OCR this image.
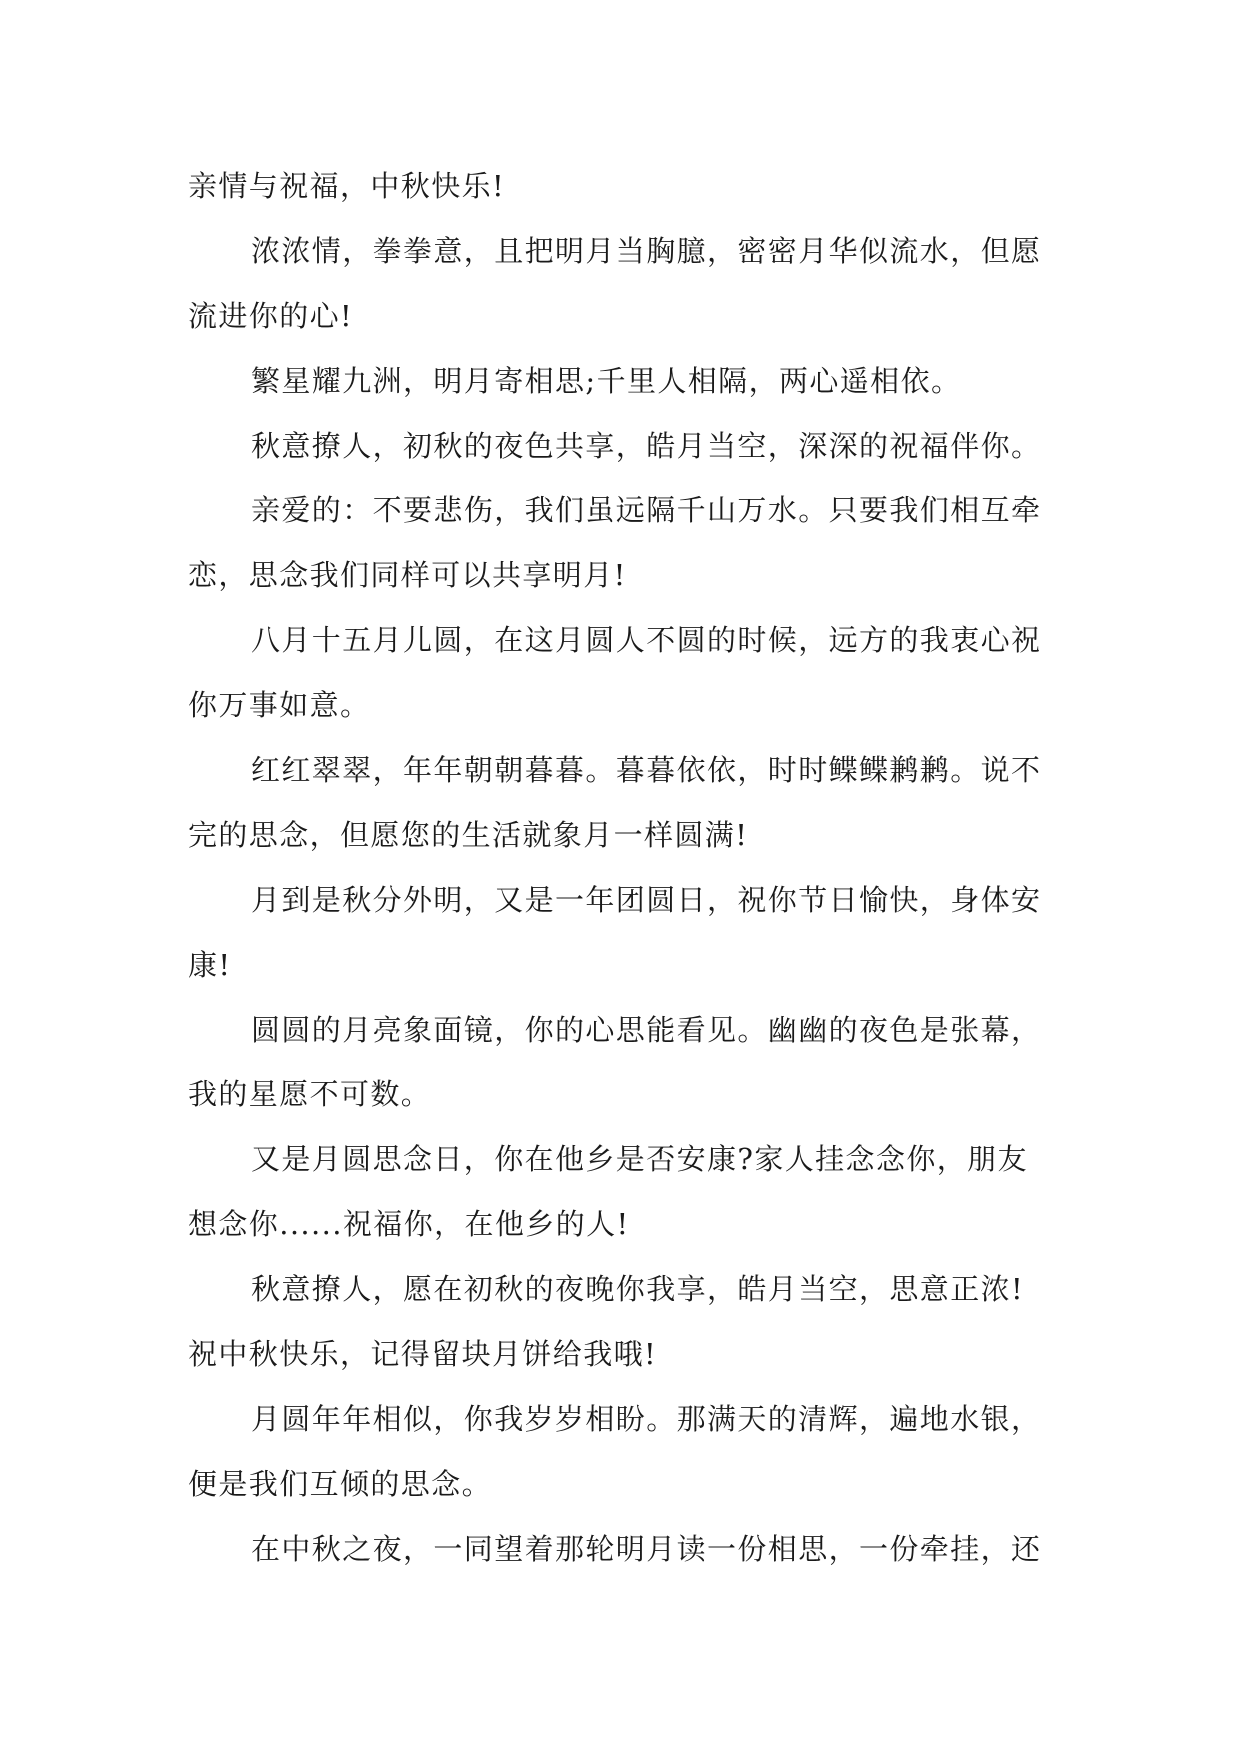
亲情与祝福，中秋快乐!
浓浓情，拳拳意，且把明月当胸臆，密密月华似流水，但愿
流进你的心!
繁星耀九洲，明月寄相思;千里人相隔，两心遥相依。
秋意撩人，初秋的夜色共享，皓月当空，深深的祝福伴你。
亲爱的：不要悲伤，我们虽远隔千山万水。只要我们相互牵
恋，思念我们同样可以共享明月!
八月十五月儿圆，在这月圆人不圆的时候，远方的我衷心祝
你万事如意。
红红翠翠，年年朝朝暮暮。暮暮依依，时时鲽鲽鹣鹣。说不
完的思念，但愿您的生活就象月一样圆满!
月到是秋分外明，又是一年团圆日，祝你节日愉快，身体安
康!
圆圆的月亮象面镜，你的心思能看见。幽幽的夜色是张幕，
我的星愿不可数。
又是月圆思念日，你在他乡是否安康?家人挂念念你，朋友
想念你......祝福你，在他乡的人!
秋意撩人，愿在初秋的夜晚你我享，皓月当空，思意正浓!
祝中秋快乐，记得留块月饼给我哦!
月圆年年相似，你我岁岁相盼。那满天的清辉，遍地水银，
便是我们互倾的思念。
在中秋之夜，一同望着那轮明月读一份相思，一份牵挂，还
